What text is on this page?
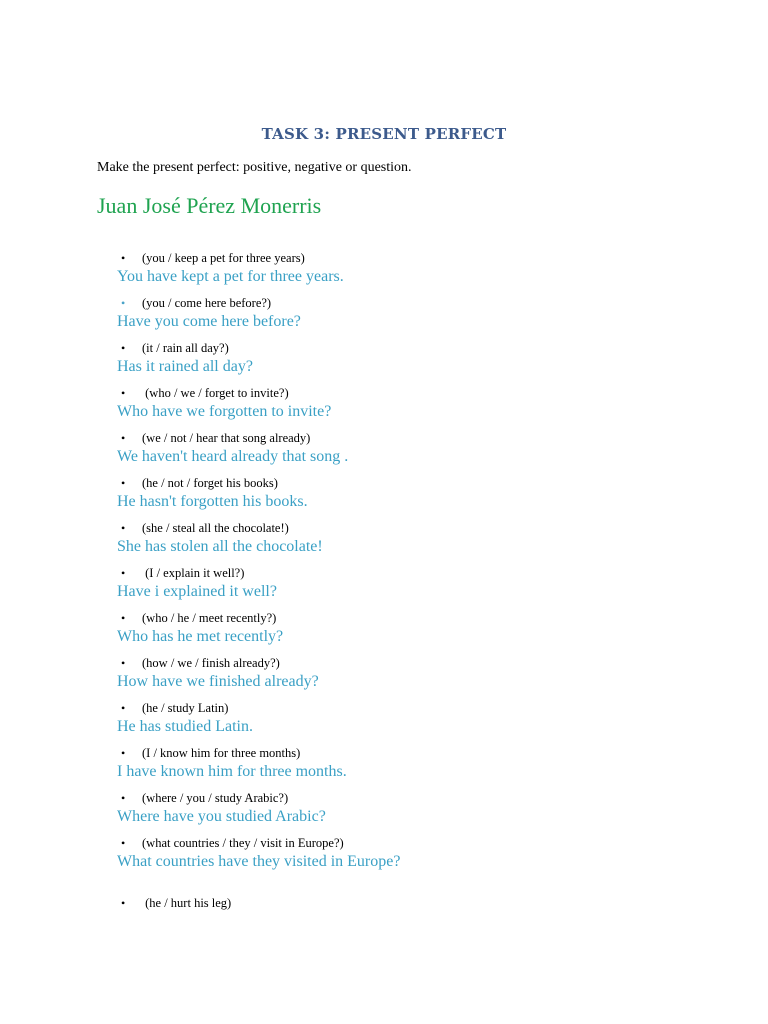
TASK 3: PRESENT PERFECT
Make the present perfect: positive, negative or question.
Juan José Pérez Monerris
• (you / keep a pet for three years)
You have kept a pet for three years.
• (you / come here before?)
Have you come here before?
• (it / rain all day?)
Has it rained all day?
• (who / we / forget to invite?)
Who have we forgotten to invite?
• (we / not / hear that song already)
We haven't heard already that song .
• (he / not / forget his books)
He hasn't forgotten his books.
• (she / steal all the chocolate!)
She has stolen all the chocolate!
• (I / explain it well?)
Have i explained it well?
• (who / he / meet recently?)
Who has he met recently?
• (how / we / finish already?)
How have we finished already?
• (he / study Latin)
He has studied Latin.
• (I / know him for three months)
I have known him for three months.
• (where / you / study Arabic?)
Where have you studied Arabic?
• (what countries / they / visit in Europe?)
What countries have they visited in Europe?
• (he / hurt his leg)
